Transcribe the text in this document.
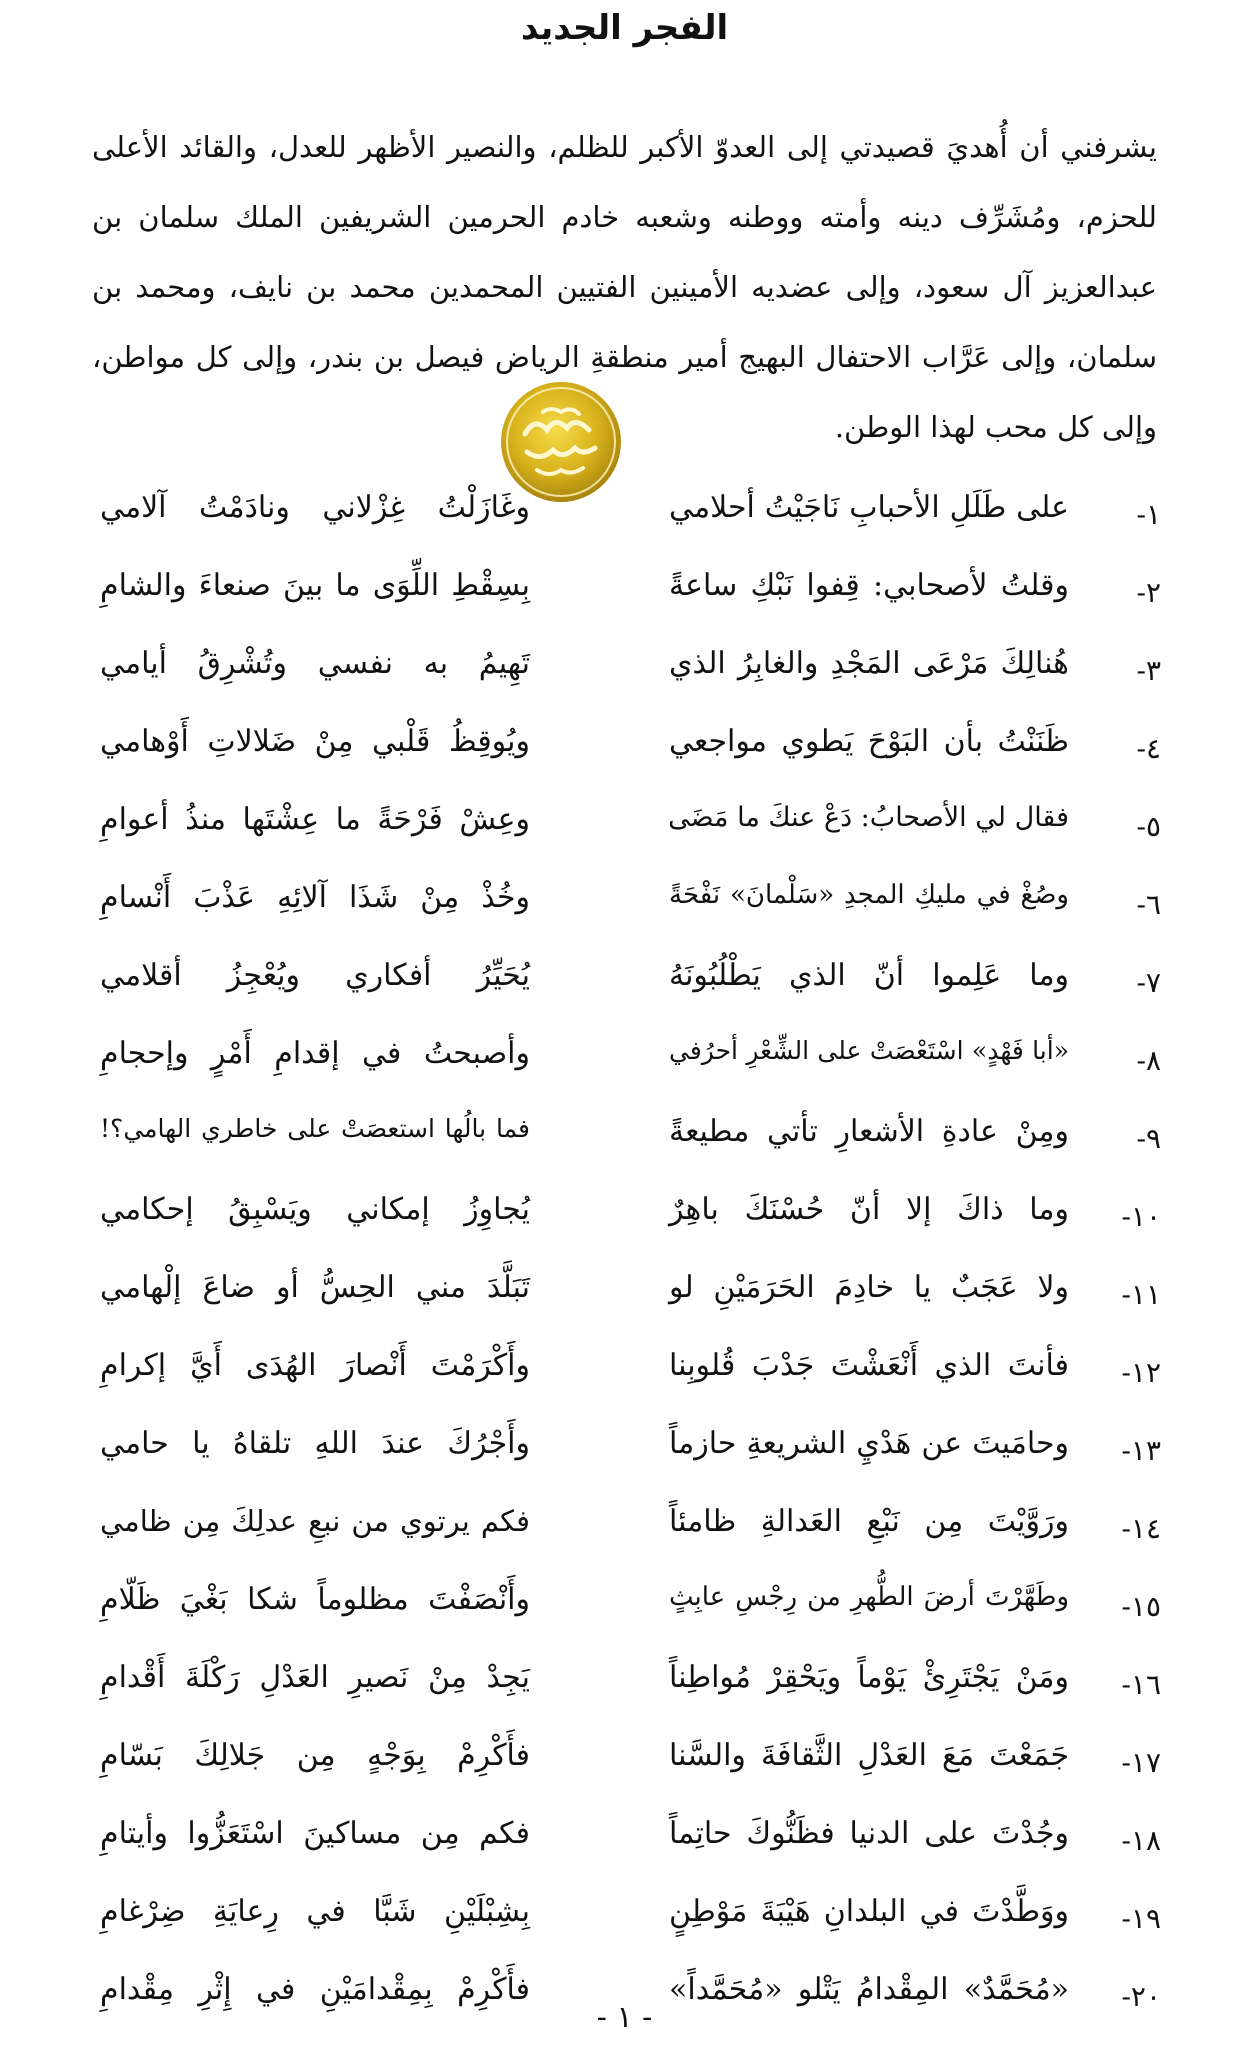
الفجر الجديد
يشرفني أن أُهديَ قصيدتي إلى العدوّ الأكبر للظلم، والنصير الأظهر للعدل، والقائد الأعلى للحزم، ومُشَرِّف دينه وأمته ووطنه وشعبه خادم الحرمين الشريفين الملك سلمان بن عبدالعزيز آل سعود، وإلى عضديه الأمينين الفتيين المحمدين محمد بن نايف، ومحمد بن سلمان، وإلى عَرَّاب الاحتفال البهيج أمير منطقةِ الرياض فيصل بن بندر، وإلى كل مواطن، وإلى كل محب لهذا الوطن.
١-
على طَلَلِ الأحبابِ نَاجَيْتُ أحلامي
وغَازَلْتُ غِزْلاني ونادَمْتُ آلامي
٢-
وقلتُ لأصحابي: قِفوا نَبْكِ ساعةً
بِسِقْطِ اللِّوَى ما بينَ صنعاءَ والشامِ
٣-
هُنالِكَ مَرْعَى المَجْدِ والغابِرُ الذي
تَهِيمُ به نفسي وتُشْرِقُ أيامي
٤-
ظَنَنْتُ بأن البَوْحَ يَطوي مواجعي
ويُوقِظُ قَلْبي مِنْ ضَلالاتِ أَوْهامي
٥-
فقال لي الأصحابُ: دَعْ عنكَ ما مَضَى
وعِشْ فَرْحَةً ما عِشْتَها منذُ أعوامِ
٦-
وصُغْ في مليكِ المجدِ «سَلْمانَ» نَفْحَةً
وخُذْ مِنْ شَذَا آلائِهِ عَذْبَ أَنْسامِ
٧-
وما عَلِموا أنّ الذي يَطْلُبُونَهُ
يُحَيِّرُ أفكاري ويُعْجِزُ أقلامي
٨-
«أبا فَهْدٍ» اسْتَعْصَتْ على الشِّعْرِ أحرُفي
وأصبحتُ في إقدامِ أَمْرٍ وإحجامِ
٩-
ومِنْ عادةِ الأشعارِ تأتي مطيعةً
فما بالُها استعصَتْ على خاطري الهامي؟!
١٠-
وما ذاكَ إلا أنّ حُسْنَكَ باهِرٌ
يُجاوِزُ إمكاني ويَسْبِقُ إحكامي
١١-
ولا عَجَبٌ يا خادِمَ الحَرَمَيْنِ لو
تَبَلَّدَ مني الحِسُّ أو ضاعَ إلْهامي
١٢-
فأنتَ الذي أَنْعَشْتَ جَدْبَ قُلوبِنا
وأَكْرَمْتَ أَنْصارَ الهُدَى أَيَّ إكرامِ
١٣-
وحامَيتَ عن هَدْيِ الشريعةِ حازماً
وأَجْرُكَ عندَ اللهِ تلقاهُ يا حامي
١٤-
ورَوَّيْتَ مِن نَبْعِ العَدالةِ ظامئاً
فكم يرتوي من نبعِ عدلِكَ مِن ظامي
١٥-
وطَهَّرْتَ أرضَ الطُّهرِ من رِجْسِ عابِثٍ
وأَنْصَفْتَ مظلوماً شكا بَغْيَ ظَلّامِ
١٦-
ومَنْ يَجْتَرِئْ يَوْماً ويَحْقِرْ مُواطِناً
يَجِدْ مِنْ نَصيرِ العَدْلِ رَكْلَةَ أَقْدامِ
١٧-
جَمَعْتَ مَعَ العَدْلِ الثَّقافَةَ والسَّنا
فأَكْرِمْ بِوَجْهٍ مِن جَلالِكَ بَسّامِ
١٨-
وجُدْتَ على الدنيا فظَنُّوكَ حاتِماً
فكم مِن مساكينَ اسْتَعَزُّوا وأيتامِ
١٩-
ووَطَّدْتَ في البلدانِ هَيْبَةَ مَوْطِنٍ
بِشِبْلَيْنِ شَبَّا في رِعايَةِ ضِرْغامِ
٢٠-
«مُحَمَّدٌ» المِقْدامُ يَتْلو «مُحَمَّداً»
فأَكْرِمْ بِمِقْدامَيْنِ في إِثْرِ مِقْدامِ
- ١ -
